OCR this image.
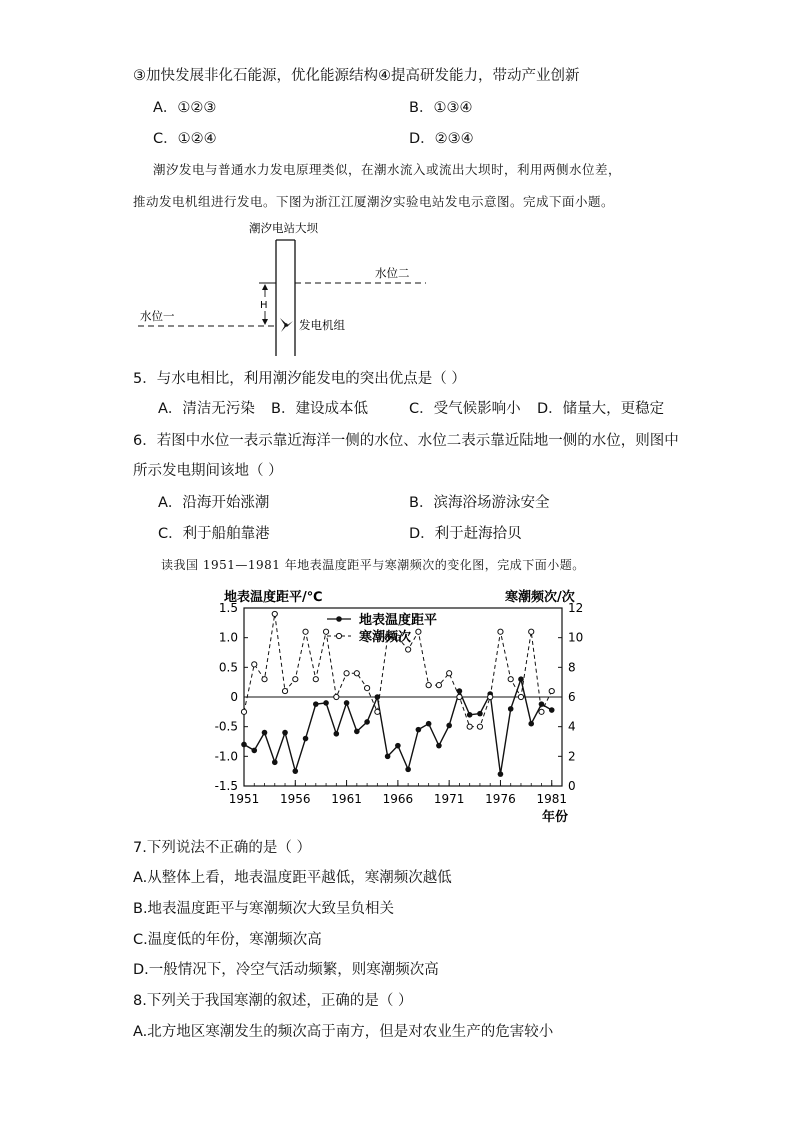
③加快发展非化石能源，优化能源结构④提高研发能力，带动产业创新
A．①②③	B．①③④
C．①②④	D．②③④
潮汐发电与普通水力发电原理类似，在潮水流入或流出大坝时，利用两侧水位差，
推动发电机组进行发电。下图为浙江江厦潮汐实验电站发电示意图。完成下面小题。
潮汐电站大坝
水位二
水位一
H
发电机组
5．与水电相比，利用潮汐能发电的突出优点是（ ）
A．清洁无污染 B．建设成本低	C．受气候影响小 D．储量大，更稳定
6．若图中水位一表示靠近海洋一侧的水位、水位二表示靠近陆地一侧的水位，则图中
所示发电期间该地（ ）
A．沿海开始涨潮	B．滨海浴场游泳安全
C．利于船舶靠港	D．利于赶海拾贝
读我国 1951—1981 年地表温度距平与寒潮频次的变化图，完成下面小题。
地表温度距平/℃	寒潮频次/次
年份
1.5
1.0
0.5
0
-0.5
-1.0
-1.5
12
10
8
6
4
2
0
1951 1956 1961 1966 1971 1976 1981
地表温度距平
寒潮频次
7.下列说法不正确的是（ ）
A.从整体上看，地表温度距平越低，寒潮频次越低
B.地表温度距平与寒潮频次大致呈负相关
C.温度低的年份，寒潮频次高
D.一般情况下，冷空气活动频繁，则寒潮频次高
8.下列关于我国寒潮的叙述，正确的是（ ）
A.北方地区寒潮发生的频次高于南方，但是对农业生产的危害较小
